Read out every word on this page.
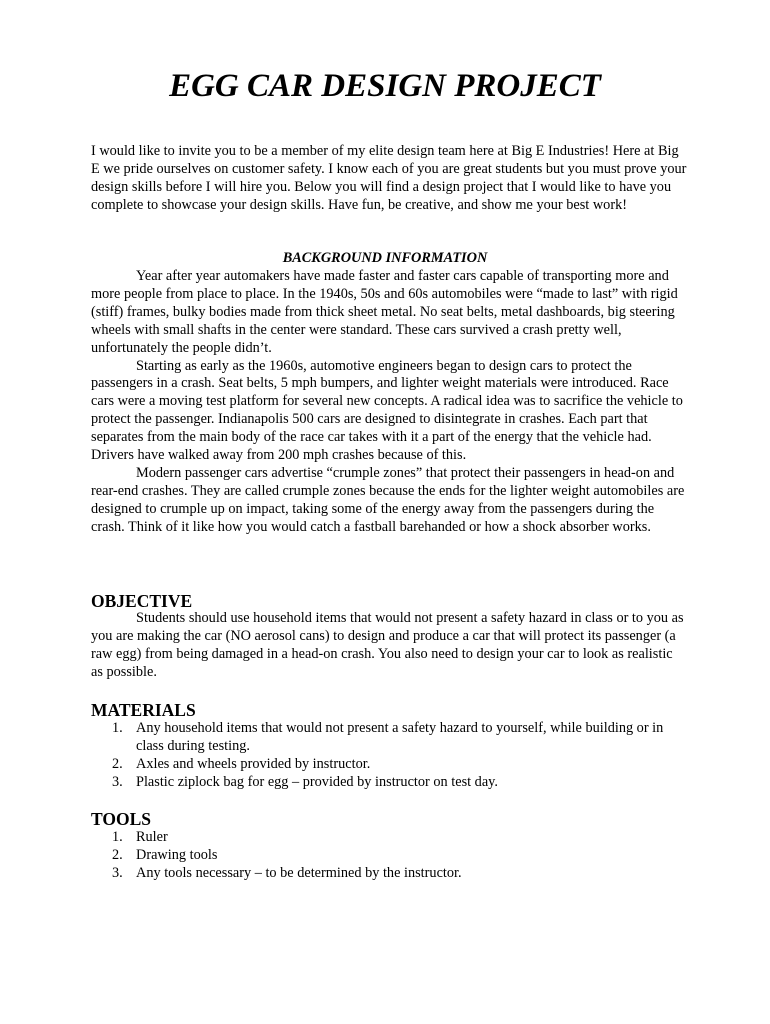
EGG CAR DESIGN PROJECT
I would like to invite you to be a member of my elite design team here at Big E Industries! Here at Big E we pride ourselves on customer safety. I know each of you are great students but you must prove your design skills before I will hire you. Below you will find a design project that I would like to have you complete to showcase your design skills. Have fun, be creative, and show me your best work!
BACKGROUND INFORMATION

Year after year automakers have made faster and faster cars capable of transporting more and more people from place to place. In the 1940s, 50s and 60s automobiles were “made to last” with rigid (stiff) frames, bulky bodies made from thick sheet metal. No seat belts, metal dashboards, big steering wheels with small shafts in the center were standard. These cars survived a crash pretty well, unfortunately the people didn’t.

Starting as early as the 1960s, automotive engineers began to design cars to protect the passengers in a crash. Seat belts, 5 mph bumpers, and lighter weight materials were introduced. Race cars were a moving test platform for several new concepts. A radical idea was to sacrifice the vehicle to protect the passenger. Indianapolis 500 cars are designed to disintegrate in crashes. Each part that separates from the main body of the race car takes with it a part of the energy that the vehicle had. Drivers have walked away from 200 mph crashes because of this.

Modern passenger cars advertise “crumple zones” that protect their passengers in head-on and rear-end crashes. They are called crumple zones because the ends for the lighter weight automobiles are designed to crumple up on impact, taking some of the energy away from the passengers during the crash. Think of it like how you would catch a fastball barehanded or how a shock absorber works.

OBJECTIVE

Students should use household items that would not present a safety hazard in class or to you as you are making the car (NO aerosol cans) to design and produce a car that will protect its passenger (a raw egg) from being damaged in a head-on crash. You also need to design your car to look as realistic as possible.

MATERIALS
1. Any household items that would not present a safety hazard to yourself, while building or in class during testing.
2. Axles and wheels provided by instructor.
3. Plastic ziplock bag for egg – provided by instructor on test day.
TOOLS
1. Ruler
2. Drawing tools
3. Any tools necessary – to be determined by the instructor.
